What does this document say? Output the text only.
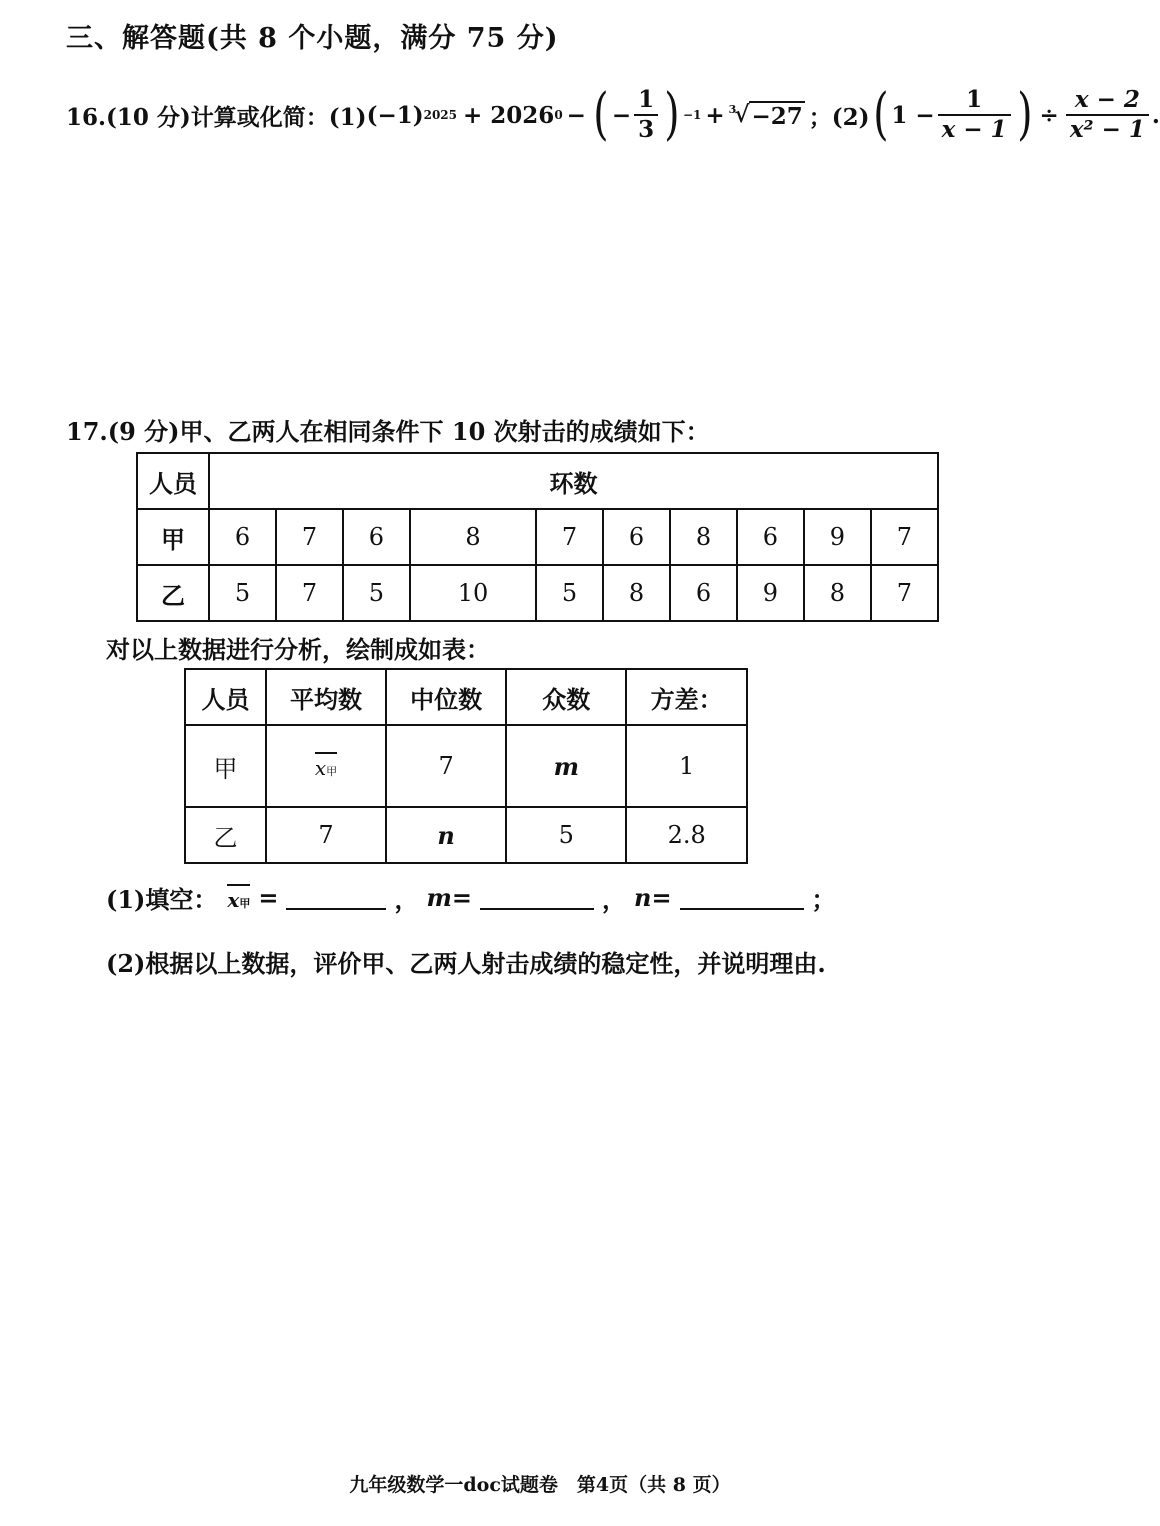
三、解答题(共 8 个小题，满分 75 分)
16.(10 分)计算或化简：(1) (−1) 2025 + 2026 0 − ( − $\frac{1}{3}$ ) −1 + 3
√ −27 ；(2) ( $1 - \frac{1}{x - 1}$ ) ÷ $\frac{x - 2}{\text{x² − 1}}$ .
17.(9 分)甲、乙两人在相同条件下 10 次射击的成绩如下：
人员	环数									
甲	6	7	6	8	7	6	8	6	9	7
乙	5	7	5	10	5	8	6	9	8	7
对以上数据进行分析，绘制成如表：
人员	平均数	中位数	众数	方差：
甲	x甲	7	m	1
乙	7	n	5	2.8
(1)填空： x甲 =	， m =	， n =	；
(2)根据以上数据，评价甲、乙两人射击成绩的稳定性，并说明理由.
九年级数学一doc试题卷　第4页（共 8 页）
